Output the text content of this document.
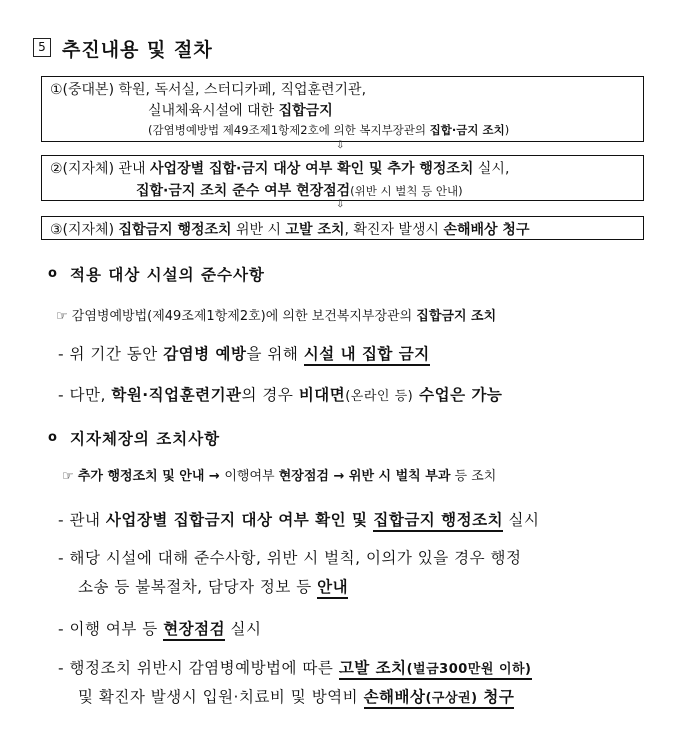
5 추진내용 및 절차
①(중대본) 학원, 독서실, 스터디카페, 직업훈련기관,
실내체육시설에 대한 집합금지
(감염병예방법 제49조제1항제2호에 의한 복지부장관의 집합·금지 조치)
⇩
②(지자체) 관내 사업장별 집합·금지 대상 여부 확인 및 추가 행정조치 실시,
집합·금지 조치 준수 여부 현장점검(위반 시 벌칙 등 안내)
⇩
③(지자체) 집합금지 행정조치 위반 시 고발 조치, 확진자 발생시 손해배상 청구
o 적용 대상 시설의 준수사항
☞ 감염병예방법(제49조제1항제2호)에 의한 보건복지부장관의 집합금지 조치
- 위 기간 동안 감염병 예방을 위해 시설 내 집합 금지
- 다만, 학원·직업훈련기관의 경우 비대면(온라인 등) 수업은 가능
o 지자체장의 조치사항
☞ 추가 행정조치 및 안내 → 이행여부 현장점검 → 위반 시 벌칙 부과 등 조치
- 관내 사업장별 집합금지 대상 여부 확인 및 집합금지 행정조치 실시
- 해당 시설에 대해 준수사항, 위반 시 벌칙, 이의가 있을 경우 행정
소송 등 불복절차, 담당자 정보 등 안내
- 이행 여부 등 현장점검 실시
- 행정조치 위반시 감염병예방법에 따른 고발 조치(벌금300만원 이하)
및 확진자 발생시 입원·치료비 및 방역비 손해배상(구상권) 청구
